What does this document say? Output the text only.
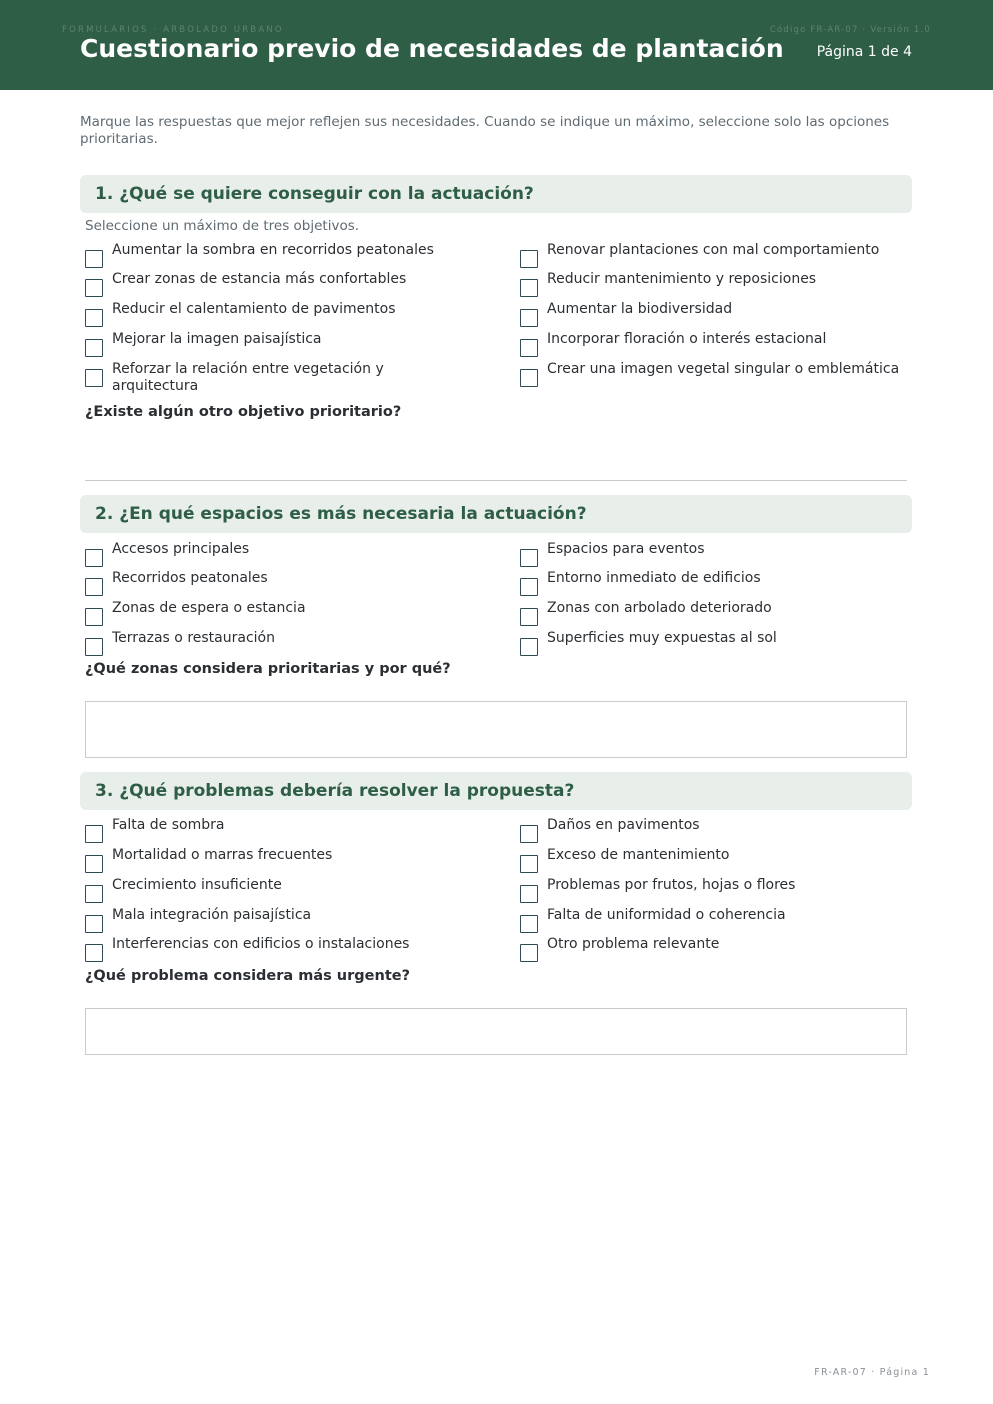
FORMULARIOS · ARBOLADO URBANO	Código FR-AR-07 · Versión 1.0
Cuestionario previo de necesidades de plantación Página 1 de 4
Marque las respuestas que mejor reflejen sus necesidades. Cuando se indique un máximo, seleccione solo las opciones prioritarias.
1. ¿Qué se quiere conseguir con la actuación?
Seleccione un máximo de tres objetivos.
Aumentar la sombra en recorridos peatonales
Crear zonas de estancia más confortables
Reducir el calentamiento de pavimentos
Mejorar la imagen paisajística
Reforzar la relación entre vegetación y arquitectura
Renovar plantaciones con mal comportamiento
Reducir mantenimiento y reposiciones
Aumentar la biodiversidad
Incorporar floración o interés estacional
Crear una imagen vegetal singular o emblemática
¿Existe algún otro objetivo prioritario?
2. ¿En qué espacios es más necesaria la actuación?
Accesos principales
Recorridos peatonales
Zonas de espera o estancia
Terrazas o restauración
Espacios para eventos
Entorno inmediato de edificios
Zonas con arbolado deteriorado
Superficies muy expuestas al sol
¿Qué zonas considera prioritarias y por qué?
3. ¿Qué problemas debería resolver la propuesta?
Falta de sombra
Mortalidad o marras frecuentes
Crecimiento insuficiente
Mala integración paisajística
Interferencias con edificios o instalaciones
Daños en pavimentos
Exceso de mantenimiento
Problemas por frutos, hojas o flores
Falta de uniformidad o coherencia
Otro problema relevante
¿Qué problema considera más urgente?
FR-AR-07 · Página 1
